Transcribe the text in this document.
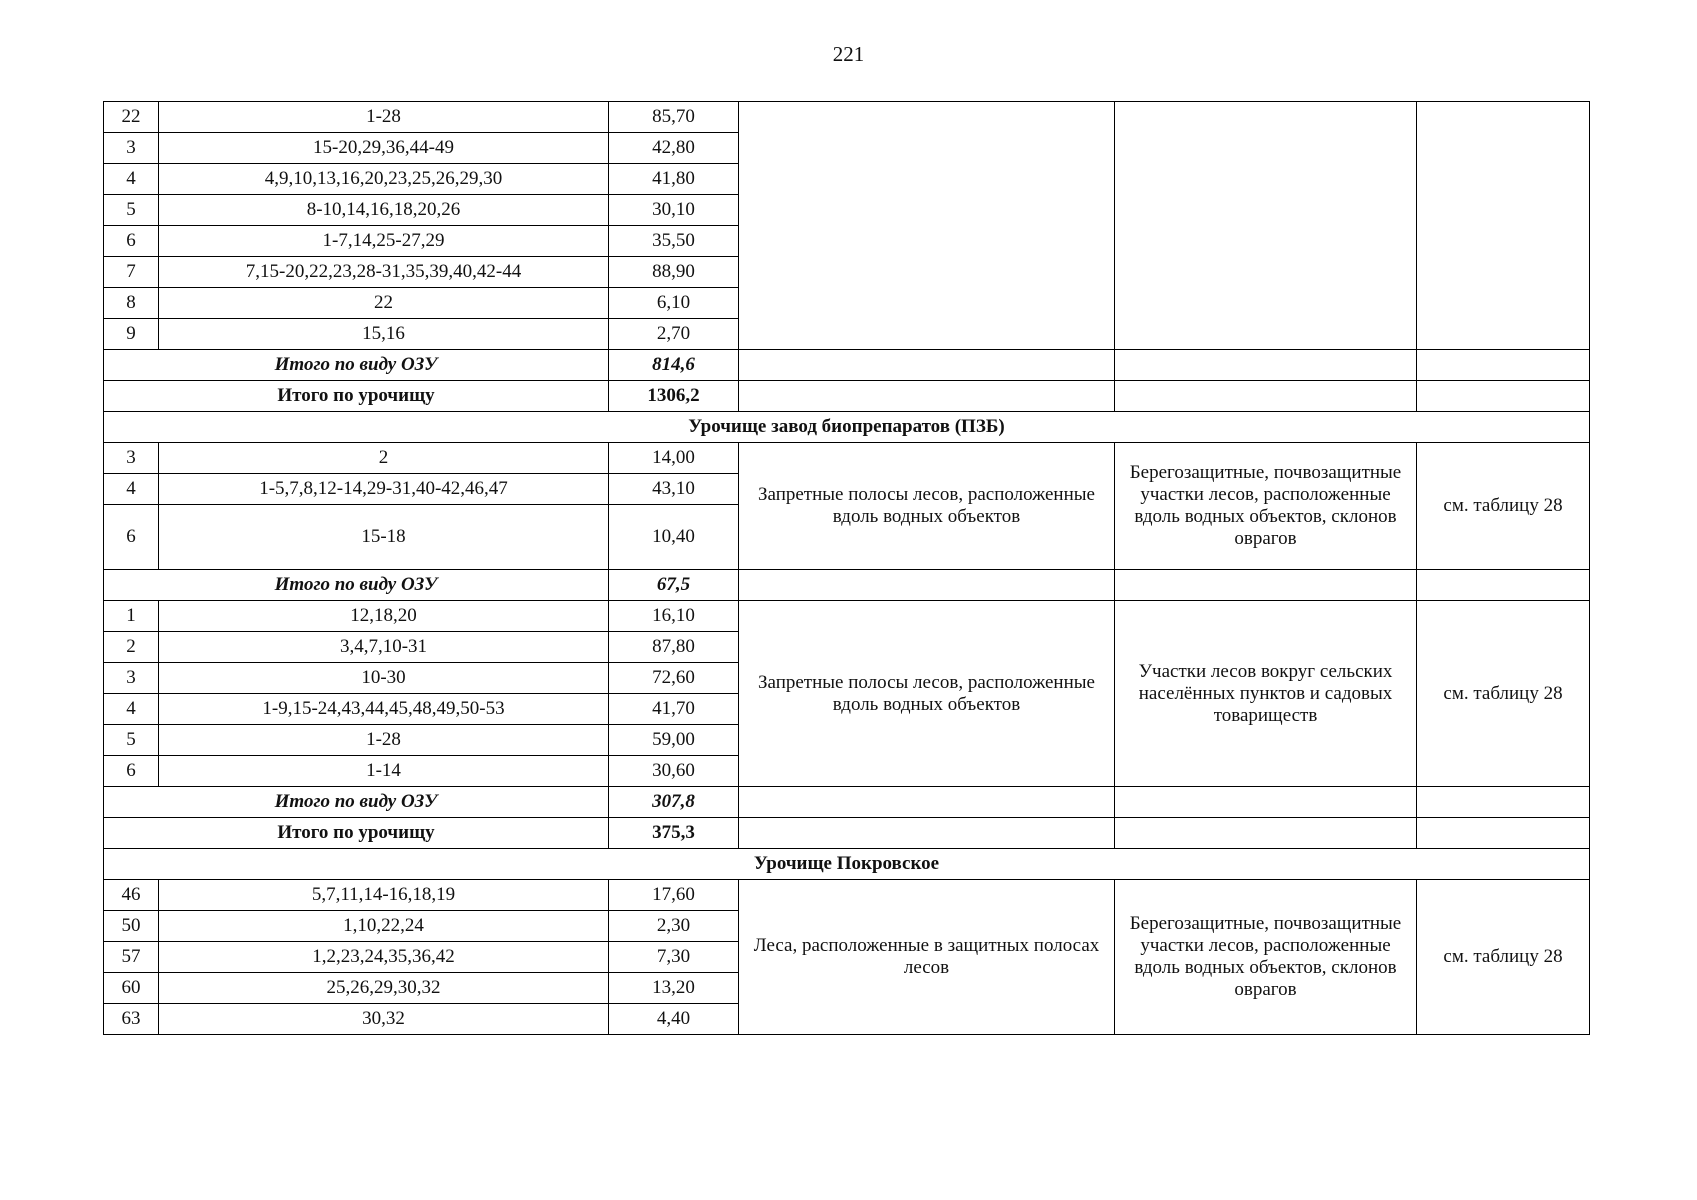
221
22	1-28	85,70			
3	15-20,29,36,44-49	42,80			
4	4,9,10,13,16,20,23,25,26,29,30	41,80			
5	8-10,14,16,18,20,26	30,10			
6	1-7,14,25-27,29	35,50			
7	7,15-20,22,23,28-31,35,39,40,42-44	88,90			
8	22	6,10			
9	15,16	2,70			
Итого по виду ОЗУ		814,6			
Итого по урочищу		1306,2			
Урочище завод биопрепаратов (ПЗБ)					
3	2	14,00	Запретные полосы лесов, расположенные вдоль водных объектов	Берегозащитные, почвозащитные участки лесов, расположенные вдоль водных объектов, склонов оврагов	см. таблицу 28
4	1-5,7,8,12-14,29-31,40-42,46,47	43,10			
6	15-18	10,40			
Итого по виду ОЗУ		67,5			
1	12,18,20	16,10	Запретные полосы лесов, расположенные вдоль водных объектов	Участки лесов вокруг сельских населённых пунктов и садовых товариществ	см. таблицу 28
2	3,4,7,10-31	87,80			
3	10-30	72,60			
4	1-9,15-24,43,44,45,48,49,50-53	41,70			
5	1-28	59,00			
6	1-14	30,60			
Итого по виду ОЗУ		307,8			
Итого по урочищу		375,3			
Урочище Покровское					
46	5,7,11,14-16,18,19	17,60	Леса, расположенные в защитных полосах лесов	Берегозащитные, почвозащитные участки лесов, расположенные вдоль водных объектов, склонов оврагов	см. таблицу 28
50	1,10,22,24	2,30			
57	1,2,23,24,35,36,42	7,30			
60	25,26,29,30,32	13,20			
63	30,32	4,40			
